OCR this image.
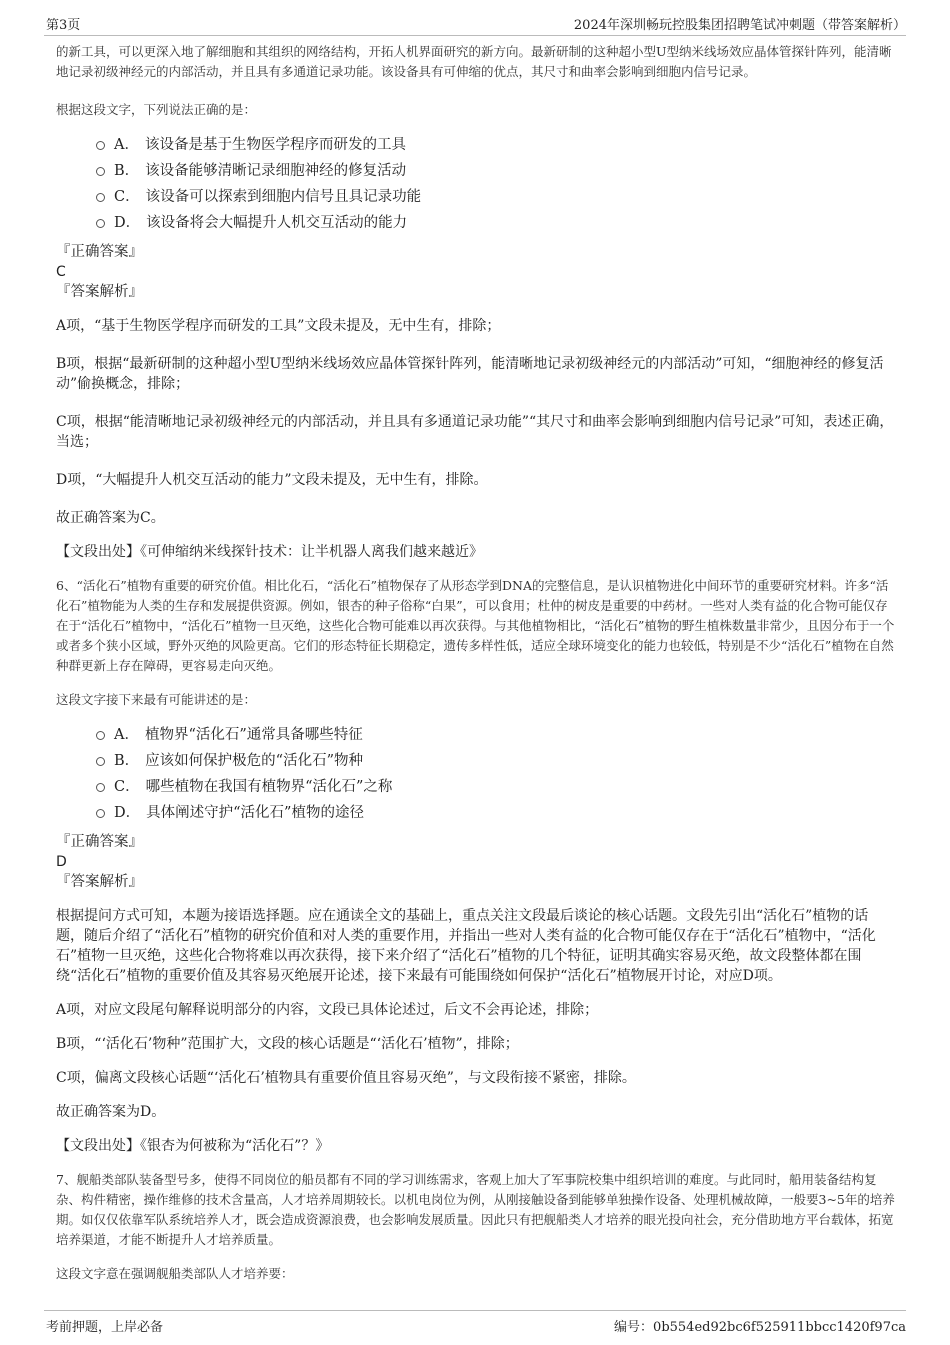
第3页	2024年深圳畅玩控股集团招聘笔试冲刺题（带答案解析）

的新工具，可以更深入地了解细胞和其组织的网络结构，开拓人机界面研究的新方向。最新研制的这种超小型U型纳米线场效应晶体管探针阵列，能清晰地记录初级神经元的内部活动，并且具有多通道记录功能。该设备具有可伸缩的优点，其尺寸和曲率会影响到细胞内信号记录。

根据这段文字，下列说法正确的是：

A． 该设备是基于生物医学程序而研发的工具
B． 该设备能够清晰记录细胞神经的修复活动
C． 该设备可以探索到细胞内信号且具记录功能
D． 该设备将会大幅提升人机交互活动的能力
『正确答案』
C
『答案解析』

A项，“基于生物医学程序而研发的工具”文段未提及，无中生有，排除；

B项，根据“最新研制的这种超小型U型纳米线场效应晶体管探针阵列，能清晰地记录初级神经元的内部活动”可知，“细胞神经的修复活动”偷换概念，排除；

C项，根据“能清晰地记录初级神经元的内部活动，并且具有多通道记录功能”“其尺寸和曲率会影响到细胞内信号记录”可知，表述正确，当选；

D项，“大幅提升人机交互活动的能力”文段未提及，无中生有，排除。

故正确答案为C。

【文段出处】《可伸缩纳米线探针技术：让半机器人离我们越来越近》

6、“活化石”植物有重要的研究价值。相比化石，“活化石”植物保存了从形态学到DNA的完整信息，是认识植物进化中间环节的重要研究材料。许多“活化石”植物能为人类的生存和发展提供资源。例如，银杏的种子俗称“白果”，可以食用；杜仲的树皮是重要的中药材。一些对人类有益的化合物可能仅存在于“活化石”植物中，“活化石”植物一旦灭绝，这些化合物可能难以再次获得。与其他植物相比，“活化石”植物的野生植株数量非常少，且因分布于一个或者多个狭小区域，野外灭绝的风险更高。它们的形态特征长期稳定，遗传多样性低，适应全球环境变化的能力也较低，特别是不少“活化石”植物在自然种群更新上存在障碍，更容易走向灭绝。

这段文字接下来最有可能讲述的是：

A． 植物界“活化石”通常具备哪些特征
B． 应该如何保护极危的“活化石”物种
C． 哪些植物在我国有植物界“活化石”之称
D． 具体阐述守护“活化石”植物的途径
『正确答案』
D
『答案解析』

根据提问方式可知，本题为接语选择题。应在通读全文的基础上，重点关注文段最后谈论的核心话题。文段先引出“活化石”植物的话题，随后介绍了“活化石”植物的研究价值和对人类的重要作用，并指出一些对人类有益的化合物可能仅存在于“活化石”植物中，“活化石”植物一旦灭绝，这些化合物将难以再次获得，接下来介绍了“活化石”植物的几个特征，证明其确实容易灭绝，故文段整体都在围绕“活化石”植物的重要价值及其容易灭绝展开论述，接下来最有可能围绕如何保护“活化石”植物展开讨论，对应D项。

A项，对应文段尾句解释说明部分的内容，文段已具体论述过，后文不会再论述，排除；

B项，“‘活化石’物种”范围扩大，文段的核心话题是“‘活化石’植物”，排除；

C项，偏离文段核心话题“‘活化石’植物具有重要价值且容易灭绝”，与文段衔接不紧密，排除。

故正确答案为D。

【文段出处】《银杏为何被称为“活化石”？》

7、舰船类部队装备型号多，使得不同岗位的船员都有不同的学习训练需求，客观上加大了军事院校集中组织培训的难度。与此同时，船用装备结构复杂、构件精密，操作维修的技术含量高，人才培养周期较长。以机电岗位为例，从刚接触设备到能够单独操作设备、处理机械故障，一般要3~5年的培养期。如仅仅依靠军队系统培养人才，既会造成资源浪费，也会影响发展质量。因此只有把舰船类人才培养的眼光投向社会，充分借助地方平台载体，拓宽培养渠道，才能不断提升人才培养质量。

这段文字意在强调舰船类部队人才培养要：

考前押题，上岸必备	编号：0b554ed92bc6f525911bbcc1420f97ca
